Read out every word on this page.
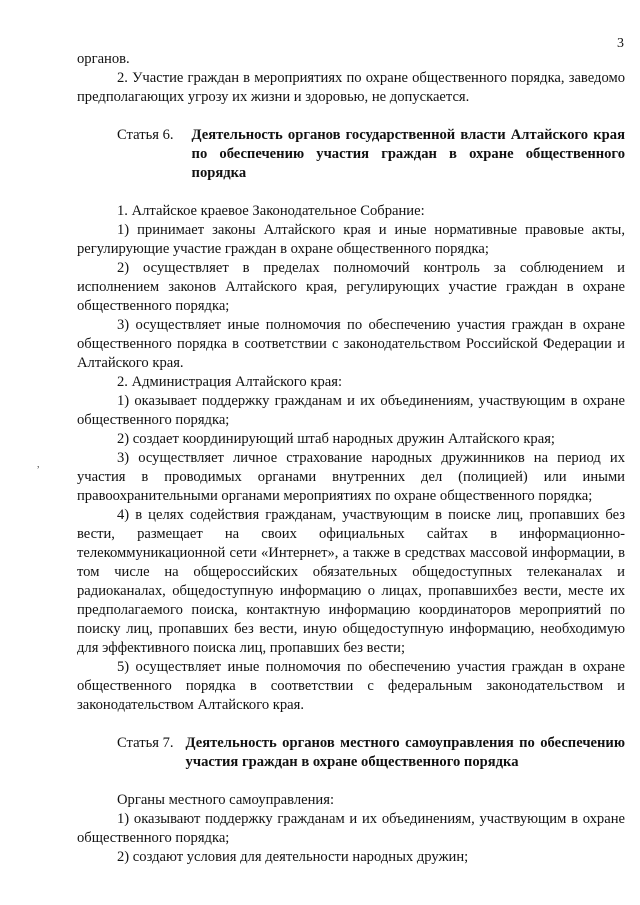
3
,

органов.

2. Участие граждан в мероприятиях по охране общественного порядка, заведомо предполагающих угрозу их жизни и здоровью, не допускается.

Статья 6. Деятельность органов государственной власти Алтайского края по обеспечению участия граждан в охране общественного порядка

1. Алтайское краевое Законодательное Собрание:

1) принимает законы Алтайского края и иные нормативные правовые акты, регулирующие участие граждан в охране общественного порядка;

2) осуществляет в пределах полномочий контроль за соблюдением и исполнением законов Алтайского края, регулирующих участие граждан в охране общественного порядка;

3) осуществляет иные полномочия по обеспечению участия граждан в охране общественного порядка в соответствии с законодательством Российской Федерации и Алтайского края.

2. Администрация Алтайского края:

1) оказывает поддержку гражданам и их объединениям, участвующим в охране общественного порядка;

2) создает координирующий штаб народных дружин Алтайского края;

3) осуществляет личное страхование народных дружинников на период их участия в проводимых органами внутренних дел (полицией) или иными правоохранительными органами мероприятиях по охране общественного порядка;

4) в целях содействия гражданам, участвующим в поиске лиц, пропавших без вести, размещает на своих официальных сайтах в информационно-телекоммуникационной сети «Интернет», а также в средствах массовой информации, в том числе на общероссийских обязательных общедоступных телеканалах и радиоканалах, общедоступную информацию о лицах, пропавшихбез вести, месте их предполагаемого поиска, контактную информацию координаторов мероприятий по поиску лиц, пропавших без вести, иную общедоступную информацию, необходимую для эффективного поиска лиц, пропавших без вести;

5) осуществляет иные полномочия по обеспечению участия граждан в охране общественного порядка в соответствии с федеральным законодательством и законодательством Алтайского края.

Статья 7. Деятельность органов местного самоуправления по обеспечению участия граждан в охране общественного порядка

Органы местного самоуправления:

1) оказывают поддержку гражданам и их объединениям, участвующим в охране общественного порядка;

2) создают условия для деятельности народных дружин;
